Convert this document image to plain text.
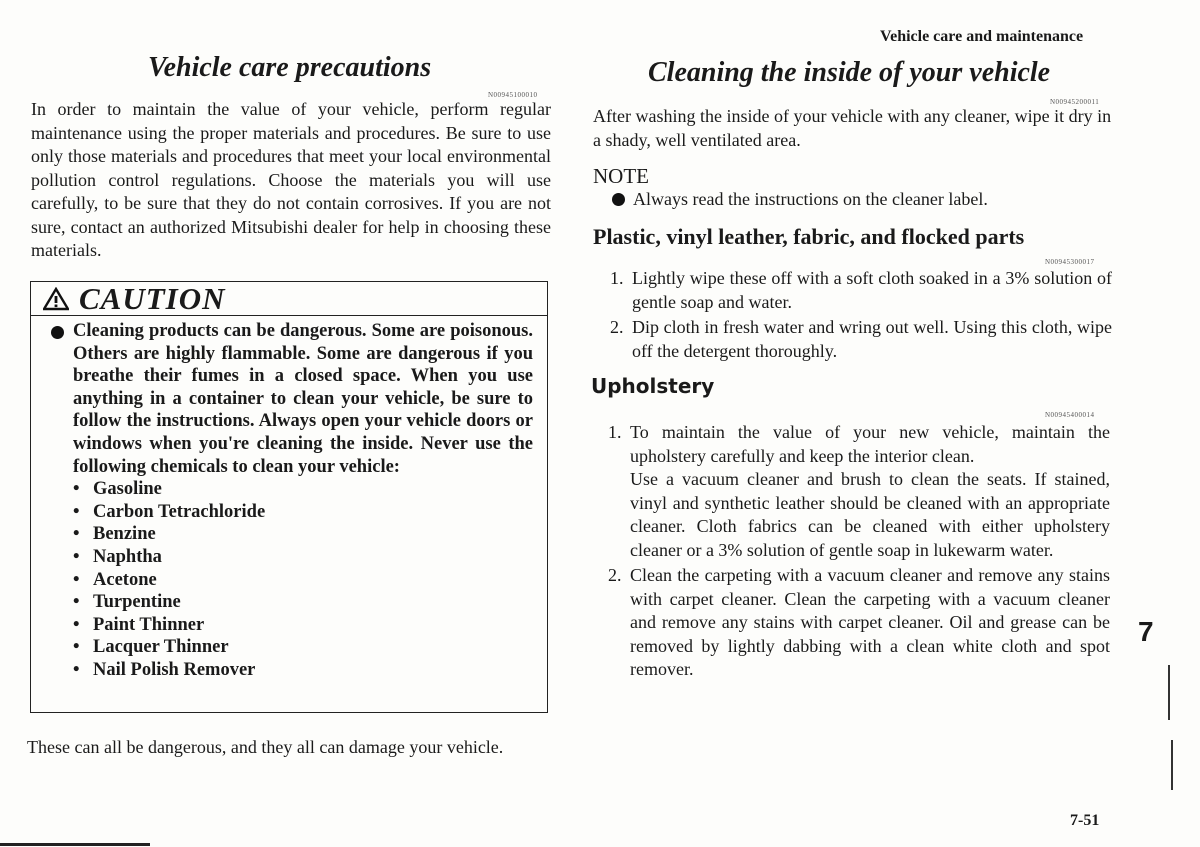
Vehicle care and maintenance
Vehicle care precautions
N00945100010
In order to maintain the value of your vehicle, perform regular maintenance using the proper materials and procedures. Be sure to use only those materials and procedures that meet your local environmental pollution control regulations. Choose the materials you will use carefully, to be sure that they do not contain corrosives. If you are not sure, contact an authorized Mitsubishi dealer for help in choosing these materials.
CAUTION
Cleaning products can be dangerous. Some are poisonous. Others are highly flammable. Some are dangerous if you breathe their fumes in a closed space. When you use anything in a container to clean your vehicle, be sure to follow the instructions. Always open your vehicle doors or windows when you're cleaning the inside. Never use the following chemicals to clean your vehicle:
• Gasoline
• Carbon Tetrachloride
• Benzine
• Naphtha
• Acetone
• Turpentine
• Paint Thinner
• Lacquer Thinner
• Nail Polish Remover
These can all be dangerous, and they all can damage your vehicle.
Cleaning the inside of your vehicle
N00945200011
After washing the inside of your vehicle with any cleaner, wipe it dry in a shady, well ventilated area.
NOTE
Always read the instructions on the cleaner label.
Plastic, vinyl leather, fabric, and flocked parts
N00945300017
1. Lightly wipe these off with a soft cloth soaked in a 3% solution of gentle soap and water.
2. Dip cloth in fresh water and wring out well. Using this cloth, wipe off the detergent thoroughly.
Upholstery
N00945400014
1. To maintain the value of your new vehicle, maintain the upholstery carefully and keep the interior clean.
Use a vacuum cleaner and brush to clean the seats. If stained, vinyl and synthetic leather should be cleaned with an appropriate cleaner. Cloth fabrics can be cleaned with either upholstery cleaner or a 3% solution of gentle soap in lukewarm water.
2. Clean the carpeting with a vacuum cleaner and remove any stains with carpet cleaner. Clean the carpeting with a vacuum cleaner and remove any stains with carpet cleaner. Oil and grease can be removed by lightly dabbing with a clean white cloth and spot remover.
7
7-51
